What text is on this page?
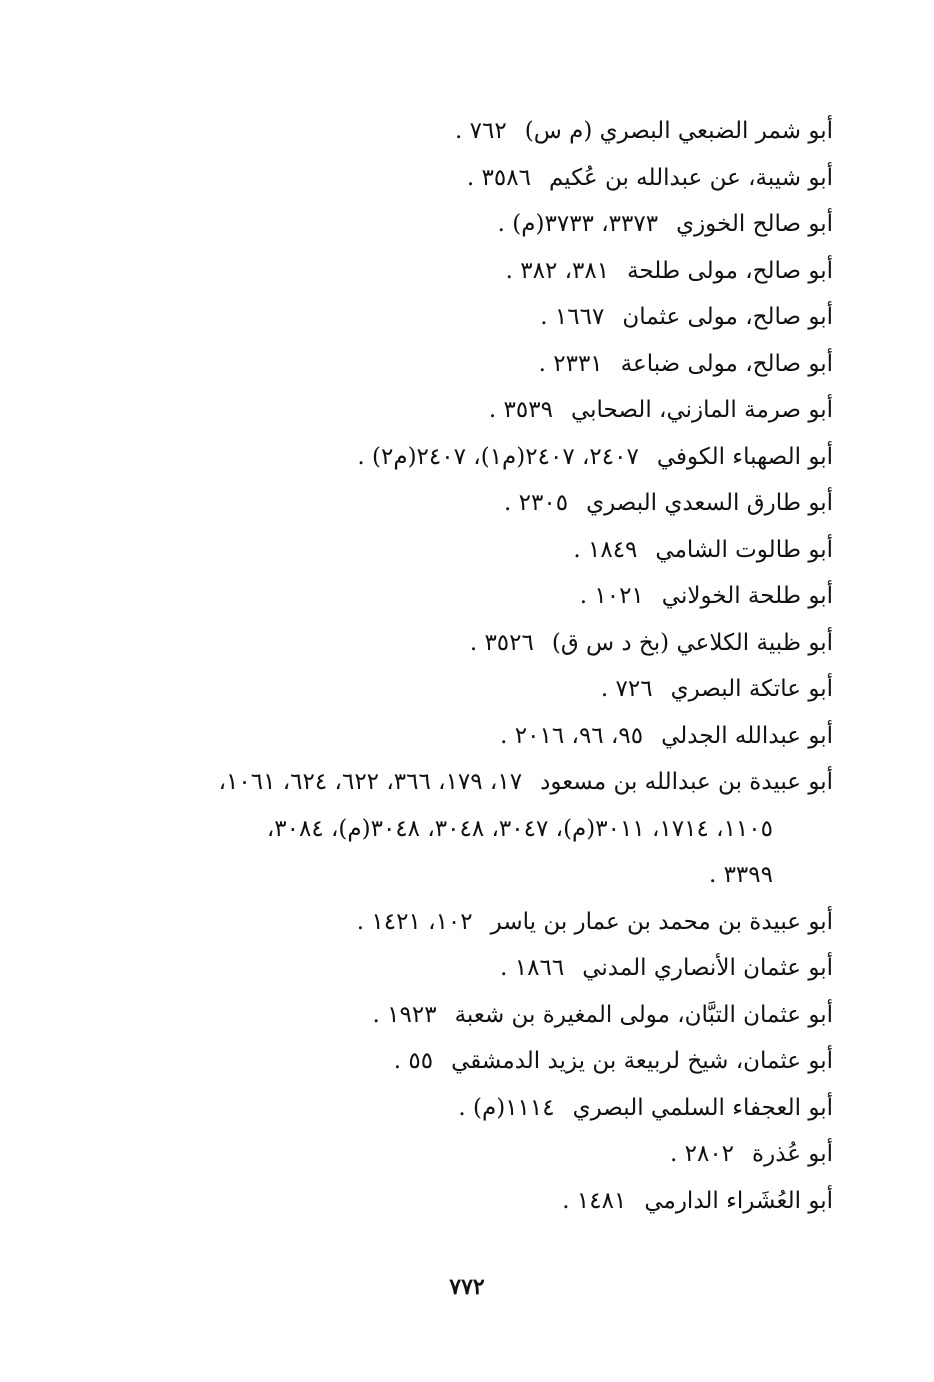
أبو شمر الضبعي البصري (م س)٧٦٢ .
أبو شيبة، عن عبدالله بن عُكيم٣٥٨٦ .
أبو صالح الخوزي٣٣٧٣، ٣٧٣٣(م) .
أبو صالح، مولى طلحة٣٨١، ٣٨٢ .
أبو صالح، مولى عثمان١٦٦٧ .
أبو صالح، مولى ضباعة٢٣٣١ .
أبو صرمة المازني، الصحابي٣٥٣٩ .
أبو الصهباء الكوفي٢٤٠٧، ٢٤٠٧(م١)، ٢٤٠٧(م٢) .
أبو طارق السعدي البصري٢٣٠٥ .
أبو طالوت الشامي١٨٤٩ .
أبو طلحة الخولاني١٠٢١ .
أبو ظبية الكلاعي (بخ د س ق)٣٥٢٦ .
أبو عاتكة البصري٧٢٦ .
أبو عبدالله الجدلي٩٥، ٩٦، ٢٠١٦ .
أبو عبيدة بن عبدالله بن مسعود١٧، ١٧٩، ٣٦٦، ٦٢٢، ٦٢٤، ١٠٦١،
١١٠٥، ١٧١٤، ٣٠١١(م)، ٣٠٤٧، ٣٠٤٨، ٣٠٤٨(م)، ٣٠٨٤،
٣٣٩٩ .
أبو عبيدة بن محمد بن عمار بن ياسر١٠٢، ١٤٢١ .
أبو عثمان الأنصاري المدني١٨٦٦ .
أبو عثمان التبَّان، مولى المغيرة بن شعبة١٩٢٣ .
أبو عثمان، شيخ لربيعة بن يزيد الدمشقي٥٥ .
أبو العجفاء السلمي البصري١١١٤(م) .
أبو عُذرة٢٨٠٢ .
أبو العُشَراء الدارمي١٤٨١ .
٧٧٢
